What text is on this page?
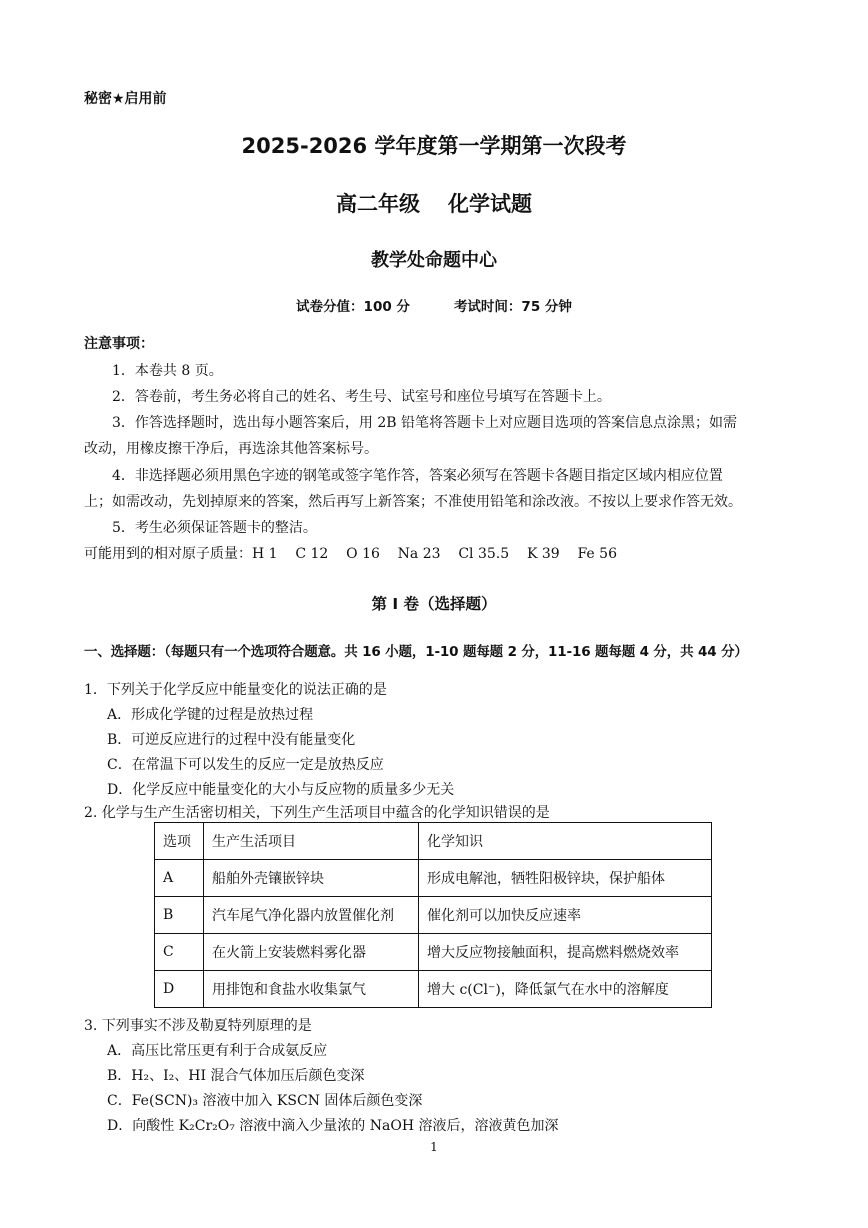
秘密★启用前
2025-2026 学年度第一学期第一次段考
高二年级 化学试题
教学处命题中心
试卷分值：100 分	考试时间：75 分钟
注意事项：
1．本卷共 8 页。
2．答卷前，考生务必将自己的姓名、考生号、试室号和座位号填写在答题卡上。
3．作答选择题时，选出每小题答案后，用 2B 铅笔将答题卡上对应题目选项的答案信息点涂黑；如需
改动，用橡皮擦干净后，再选涂其他答案标号。
4．非选择题必须用黑色字迹的钢笔或签字笔作答，答案必须写在答题卡各题目指定区域内相应位置
上；如需改动，先划掉原来的答案，然后再写上新答案；不准使用铅笔和涂改液。不按以上要求作答无效。
5．考生必须保证答题卡的整洁。
可能用到的相对原子质量：H 1    C 12    O 16    Na 23    Cl 35.5    K 39    Fe 56
第 I 卷（选择题）
一、选择题：（每题只有一个选项符合题意。共 16 小题，1-10 题每题 2 分，11-16 题每题 4 分，共 44 分）
1．下列关于化学反应中能量变化的说法正确的是
A．形成化学键的过程是放热过程
B．可逆反应进行的过程中没有能量变化
C．在常温下可以发生的反应一定是放热反应
D．化学反应中能量变化的大小与反应物的质量多少无关
2. 化学与生产生活密切相关，下列生产生活项目中蕴含的化学知识错误的是
选项	生产生活项目	化学知识
A	船舶外壳镶嵌锌块	形成电解池，牺牲阳极锌块，保护船体
B	汽车尾气净化器内放置催化剂	催化剂可以加快反应速率
C	在火箭上安装燃料雾化器	增大反应物接触面积，提高燃料燃烧效率
D	用排饱和食盐水收集氯气	增大 c(Cl⁻)，降低氯气在水中的溶解度
3. 下列事实不涉及勒夏特列原理的是
A．高压比常压更有利于合成氨反应
B．H₂、I₂、HI 混合气体加压后颜色变深
C．Fe(SCN)₃ 溶液中加入 KSCN 固体后颜色变深
D．向酸性 K₂Cr₂O₇ 溶液中滴入少量浓的 NaOH 溶液后，溶液黄色加深
1
